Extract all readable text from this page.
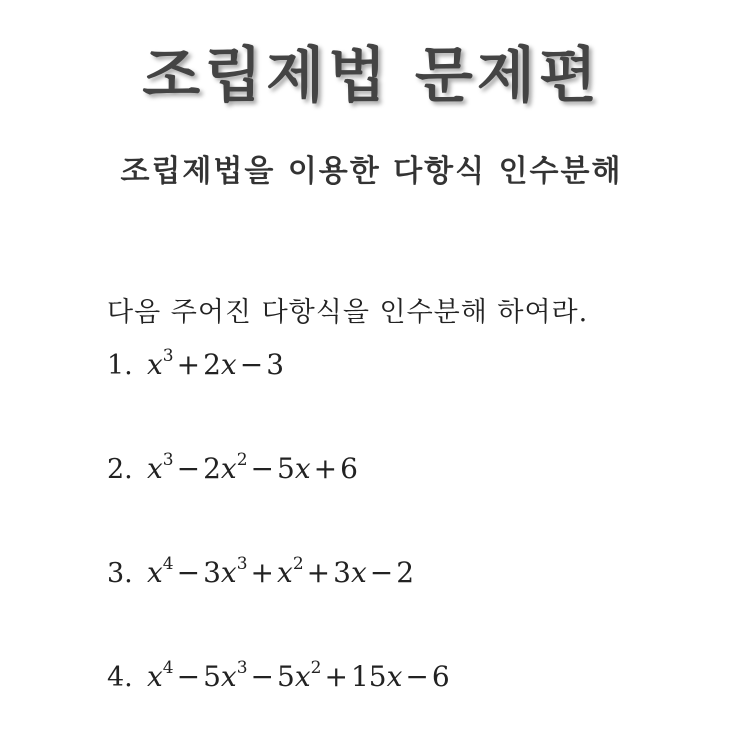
조립제법 문제편
조립제법을 이용한 다항식 인수분해
다음 주어진 다항식을 인수분해 하여라.
1. $x^3 + 2x - 3$
2. $x^3 - 2x^2 - 5x + 6$
3. $x^4 - 3x^3 + x^2 + 3x - 2$
4. $x^4 - 5x^3 - 5x^2 + 15x - 6$
